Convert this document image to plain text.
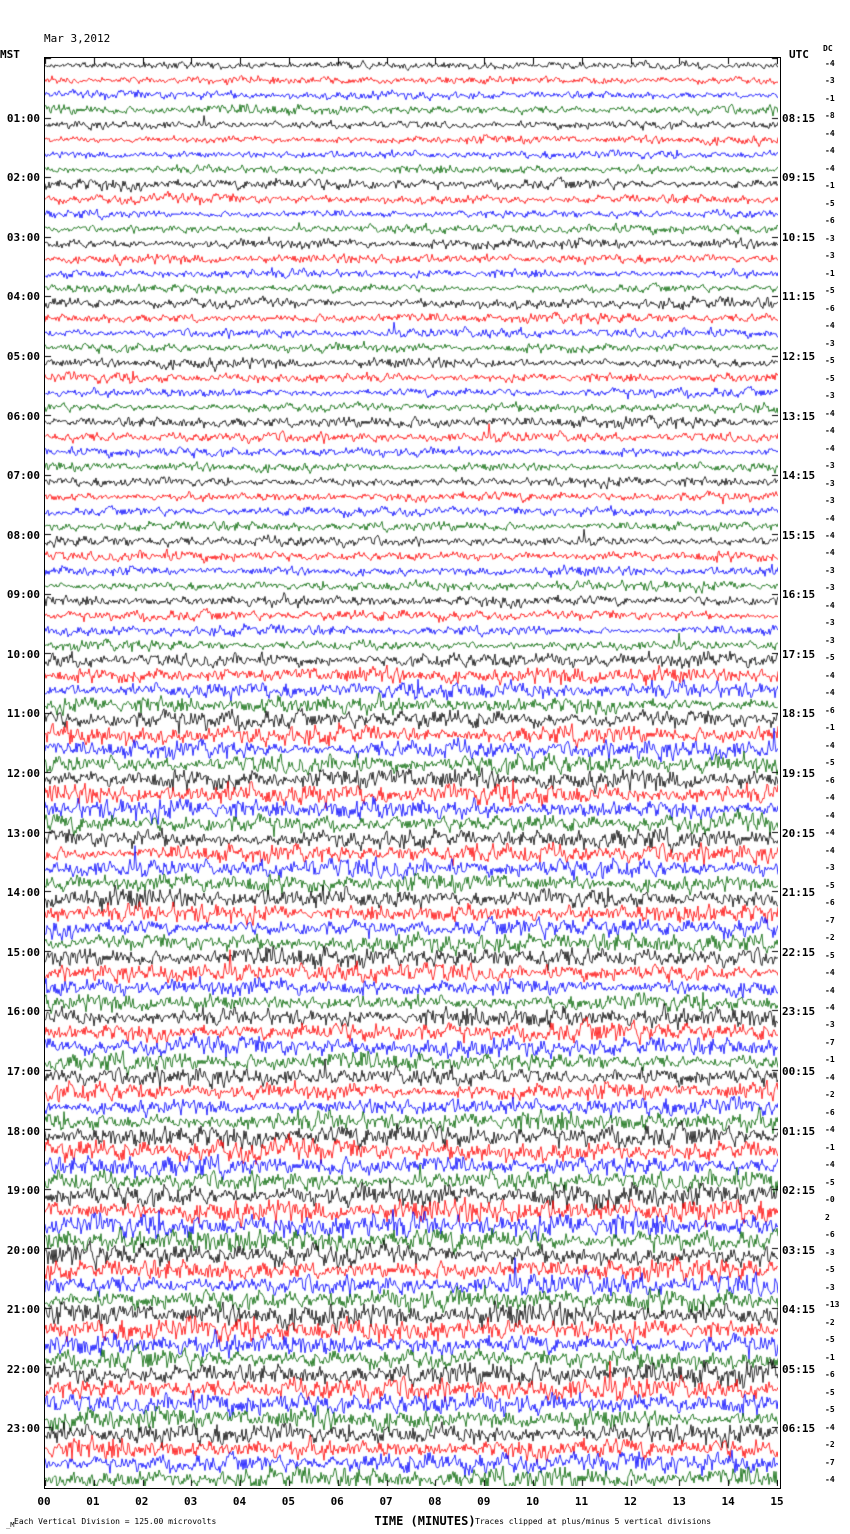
Mar 3,2012

MST	UTC DC
01:00
02:00
03:00
04:00
05:00
06:00
07:00
08:00
09:00
10:00
11:00
12:00
13:00
14:00
15:00
16:00
17:00
18:00
19:00
20:00
21:00
22:00
23:00
08:15
09:15
10:15
11:15
12:15
13:15
14:15
15:15
16:15
17:15
18:15
19:15
20:15
21:15
22:15
23:15
00:15
01:15
02:15
03:15
04:15
05:15
06:15
-4
-3
-1
-8
-4
-4
-4
-1
-5
-6
-3
-3
-1
-5
-6
-4
-3
-5
-5
-3
-4
-4
-4
-3
-3
-3
-4
-4
-4
-3
-3
-4
-3
-3
-5
-4
-4
-6
-1
-4
-5
-6
-4
-4
-4
-4
-3
-5
-6
-7
-2
-5
-4
-4
-4
-3
-7
-1
-4
-2
-6
-4
-1
-4
-5
-0
2
-6
-3
-5
-3
-13
-2
-5
-1
-6
-5
-5
-4
-2
-7
-4
00	01	02	03	04	05	06	07	08	09	10	11	12	13	14	15
TIME (MINUTES)
_M Each Vertical Division = 125.00 microvolts	Traces clipped at plus/minus 5 vertical divisions
